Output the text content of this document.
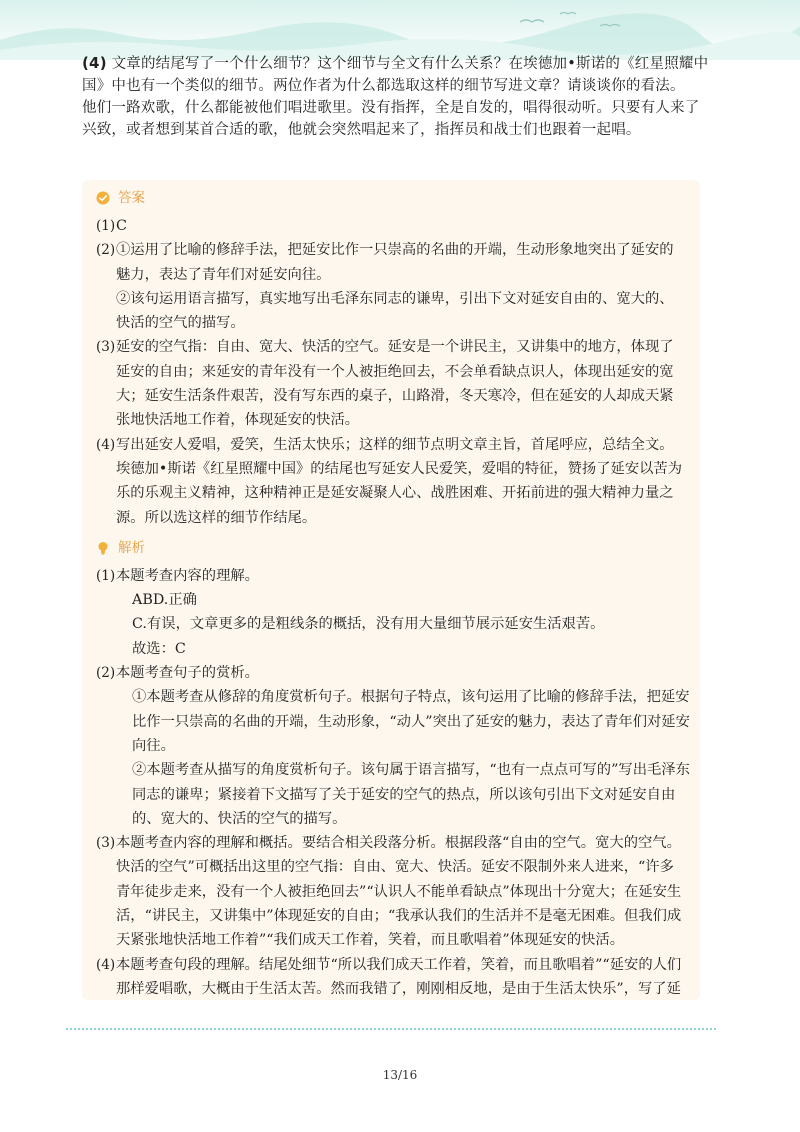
(4) 文章的结尾写了一个什么细节？这个细节与全文有什么关系？在埃德加•斯诺的《红星照耀中

国》中也有一个类似的细节。两位作者为什么都选取这样的细节写进文章？请谈谈你的看法。

他们一路欢歌，什么都能被他们唱进歌里。没有指挥，全是自发的，唱得很动听。只要有人来了

兴致，或者想到某首合适的歌，他就会突然唱起来了，指挥员和战士们也跟着一起唱。

答案
(1) C

(2) ①运用了比喻的修辞手法，把延安比作一只崇高的名曲的开端，生动形象地突出了延安的

魅力，表达了青年们对延安向往。

②该句运用语言描写，真实地写出毛泽东同志的谦卑，引出下文对延安自由的、宽大的、

快活的空气的描写。

(3) 延安的空气指：自由、宽大、快活的空气。延安是一个讲民主，又讲集中的地方，体现了

延安的自由；来延安的青年没有一个人被拒绝回去，不会单看缺点识人，体现出延安的宽

大；延安生活条件艰苦，没有写东西的桌子，山路滑，冬天寒冷，但在延安的人却成天紧

张地快活地工作着，体现延安的快活。

(4) 写出延安人爱唱，爱笑，生活太快乐；这样的细节点明文章主旨，首尾呼应，总结全文。

埃德加•斯诺《红星照耀中国》的结尾也写延安人民爱笑，爱唱的特征，赞扬了延安以苦为

乐的乐观主义精神，这种精神正是延安凝聚人心、战胜困难、开拓前进的强大精神力量之

源。所以选这样的细节作结尾。

解析
(1) 本题考查内容的理解。

ABD.正确

C.有误，文章更多的是粗线条的概括，没有用大量细节展示延安生活艰苦。

故选：C

(2) 本题考查句子的赏析。

①本题考查从修辞的角度赏析句子。根据句子特点，该句运用了比喻的修辞手法，把延安

比作一只崇高的名曲的开端，生动形象，“动人”突出了延安的魅力，表达了青年们对延安

向往。

②本题考查从描写的角度赏析句子。该句属于语言描写，“也有一点点可写的”写出毛泽东

同志的谦卑；紧接着下文描写了关于延安的空气的热点，所以该句引出下文对延安自由

的、宽大的、快活的空气的描写。

(3) 本题考查内容的理解和概括。要结合相关段落分析。根据段落“自由的空气。宽大的空气。

快活的空气”可概括出这里的空气指：自由、宽大、快活。延安不限制外来人进来，“许多

青年徒步走来，没有一个人被拒绝回去”“认识人不能单看缺点”体现出十分宽大；在延安生

活，“讲民主，又讲集中”体现延安的自由；“我承认我们的生活并不是毫无困难。但我们成

天紧张地快活地工作着”“我们成天工作着，笑着，而且歌唱着”体现延安的快活。

(4) 本题考查句段的理解。结尾处细节“所以我们成天工作着，笑着，而且歌唱着”“延安的人们

那样爱唱歌，大概由于生活太苦。然而我错了，刚刚相反地，是由于生活太快乐”，写了延

13/16
